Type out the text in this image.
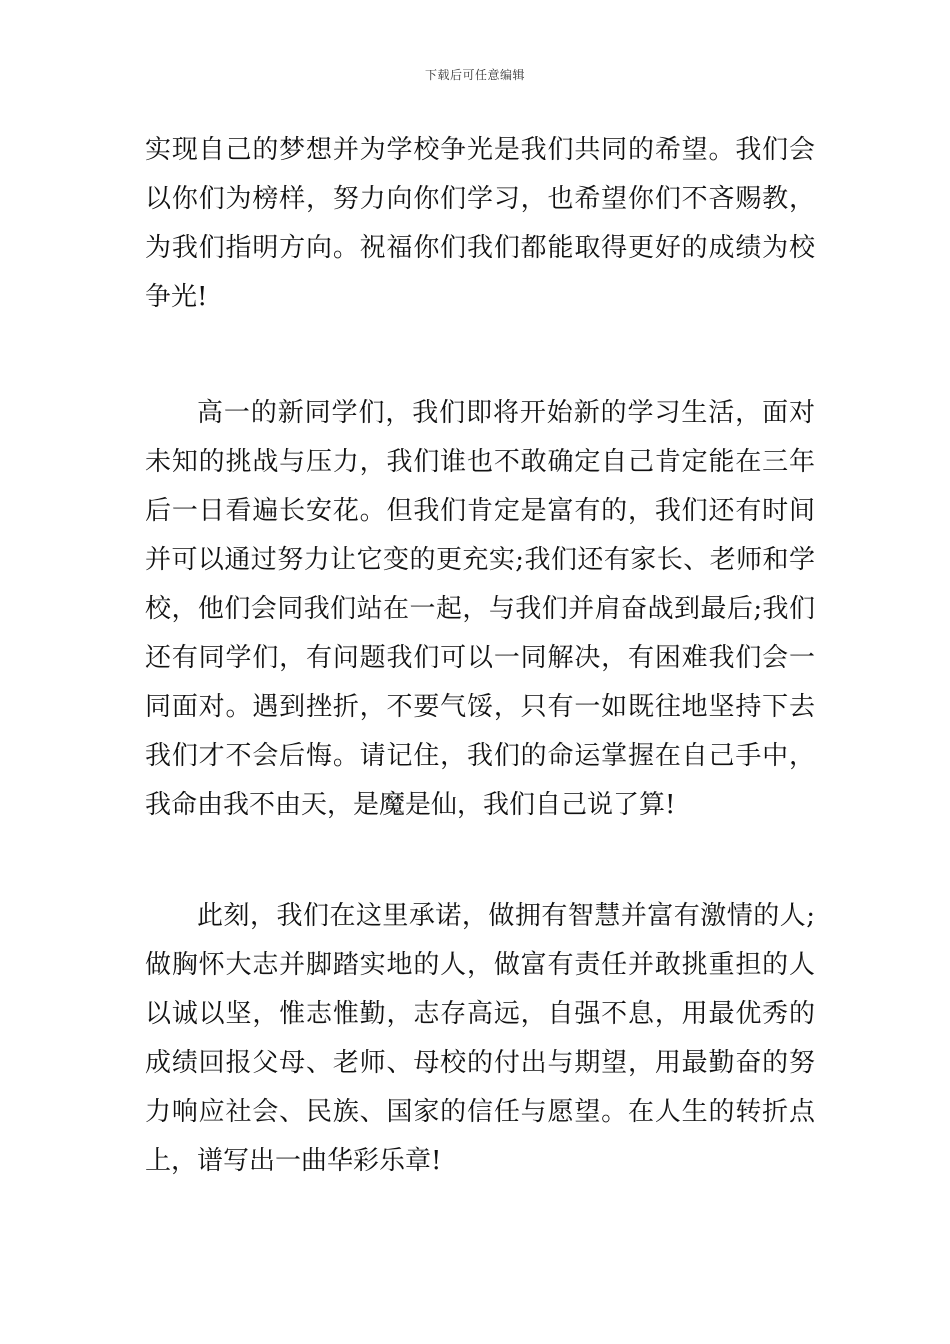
下载后可任意编辑

实现自己的梦想并为学校争光是我们共同的希望。我们会以你们为榜样，努力向你们学习，也希望你们不吝赐教，为我们指明方向。祝福你们我们都能取得更好的成绩为校争光!

高一的新同学们，我们即将开始新的学习生活，面对未知的挑战与压力，我们谁也不敢确定自己肯定能在三年后一日看遍长安花。但我们肯定是富有的，我们还有时间并可以通过努力让它变的更充实;我们还有家长、老师和学校，他们会同我们站在一起，与我们并肩奋战到最后;我们还有同学们，有问题我们可以一同解决，有困难我们会一同面对。遇到挫折，不要气馁，只有一如既往地坚持下去我们才不会后悔。请记住，我们的命运掌握在自己手中，我命由我不由天，是魔是仙，我们自己说了算!

此刻，我们在这里承诺，做拥有智慧并富有激情的人;做胸怀大志并脚踏实地的人，做富有责任并敢挑重担的人以诚以坚，惟志惟勤，志存高远，自强不息，用最优秀的成绩回报父母、老师、母校的付出与期望，用最勤奋的努力响应社会、民族、国家的信任与愿望。在人生的转折点上，谱写出一曲华彩乐章!
